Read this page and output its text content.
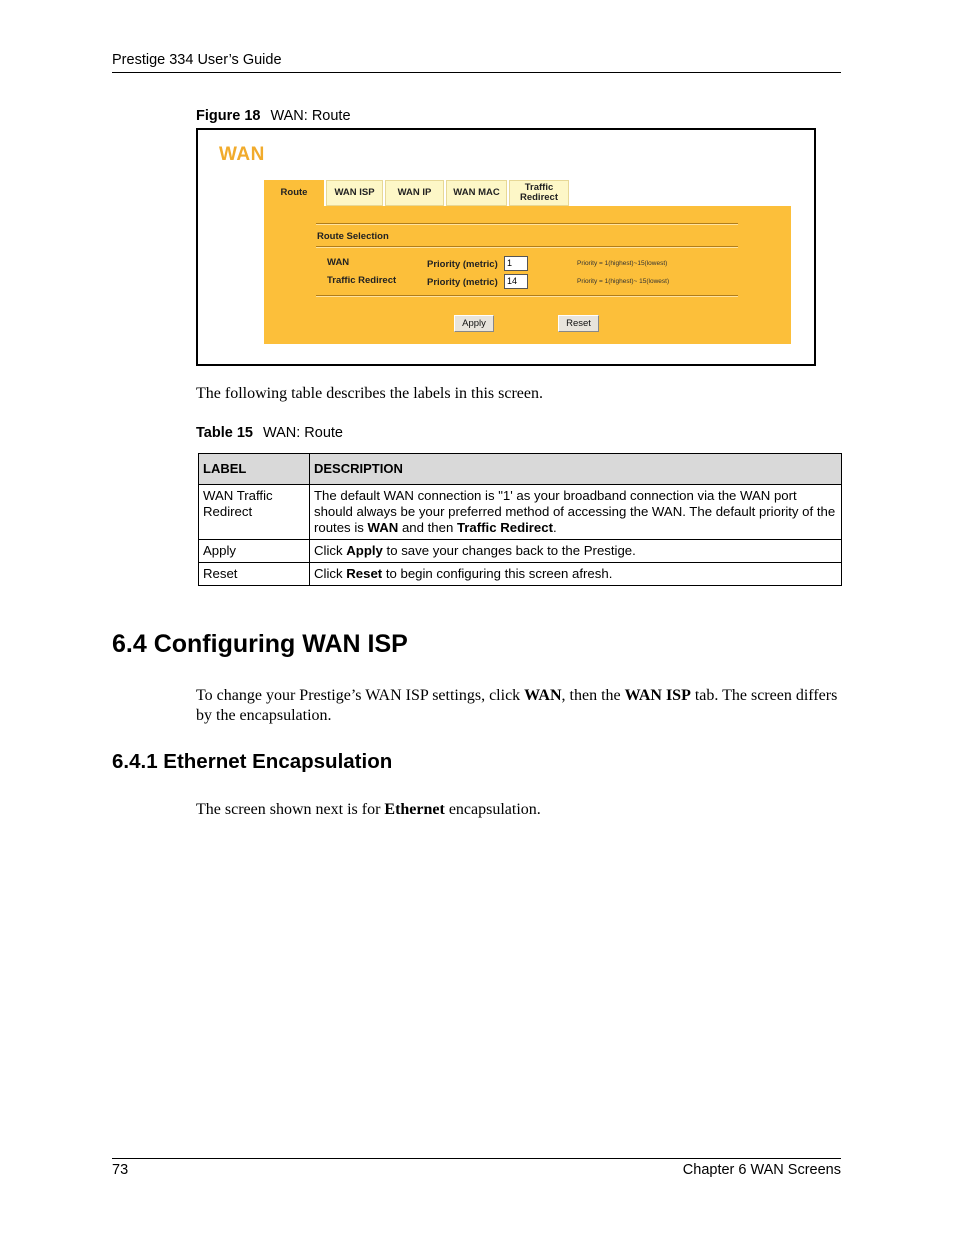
Prestige 334 User’s Guide
Figure 18 WAN: Route
WAN
Route	WAN ISP	WAN IP	WAN MAC	Traffic Redirect
Route Selection
WAN	Priority (metric)	1	Priority = 1(highest)~15(lowest)
Traffic Redirect	Priority (metric)	14	Priority = 1(highest)~ 15(lowest)
Apply	Reset
The following table describes the labels in this screen.
Table 15 WAN: Route
LABEL	DESCRIPTION
WAN Traffic Redirect	The default WAN connection is "1' as your broadband connection via the WAN port should always be your preferred method of accessing the WAN. The default priority of the routes is WAN and then Traffic Redirect.
Apply	Click Apply to save your changes back to the Prestige.
Reset	Click Reset to begin configuring this screen afresh.
6.4 Configuring WAN ISP
To change your Prestige’s WAN ISP settings, click WAN, then the WAN ISP tab. The screen differs by the encapsulation.
6.4.1 Ethernet Encapsulation
The screen shown next is for Ethernet encapsulation.
73	Chapter 6 WAN Screens
